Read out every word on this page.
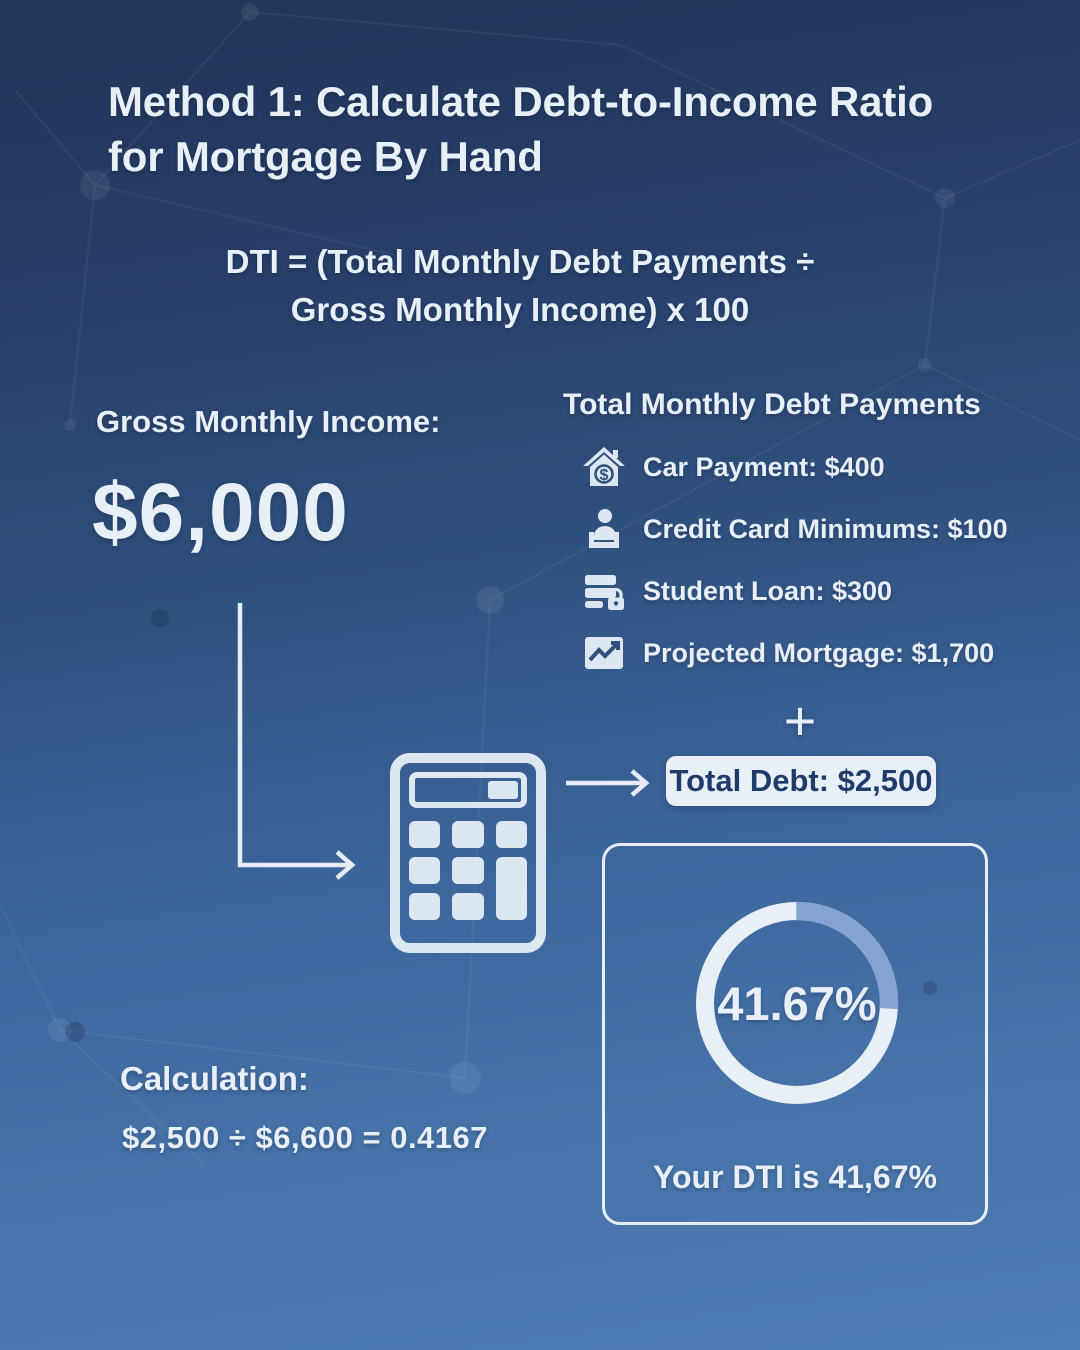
Method 1: Calculate Debt-to-Income Ratio
for Mortgage By Hand
DTI = (Total Monthly Debt Payments ÷
Gross Monthly Income) x 100
Gross Monthly Income:
$6,000
Total Monthly Debt Payments
$ Car Payment: $400
Credit Card Minimums: $100
Student Loan: $300
Projected Mortgage: $1,700
+
Total Debt: $2,500
41.67%
Your DTI is 41,67%
Calculation:
$2,500 ÷ $6,600 = 0.4167
